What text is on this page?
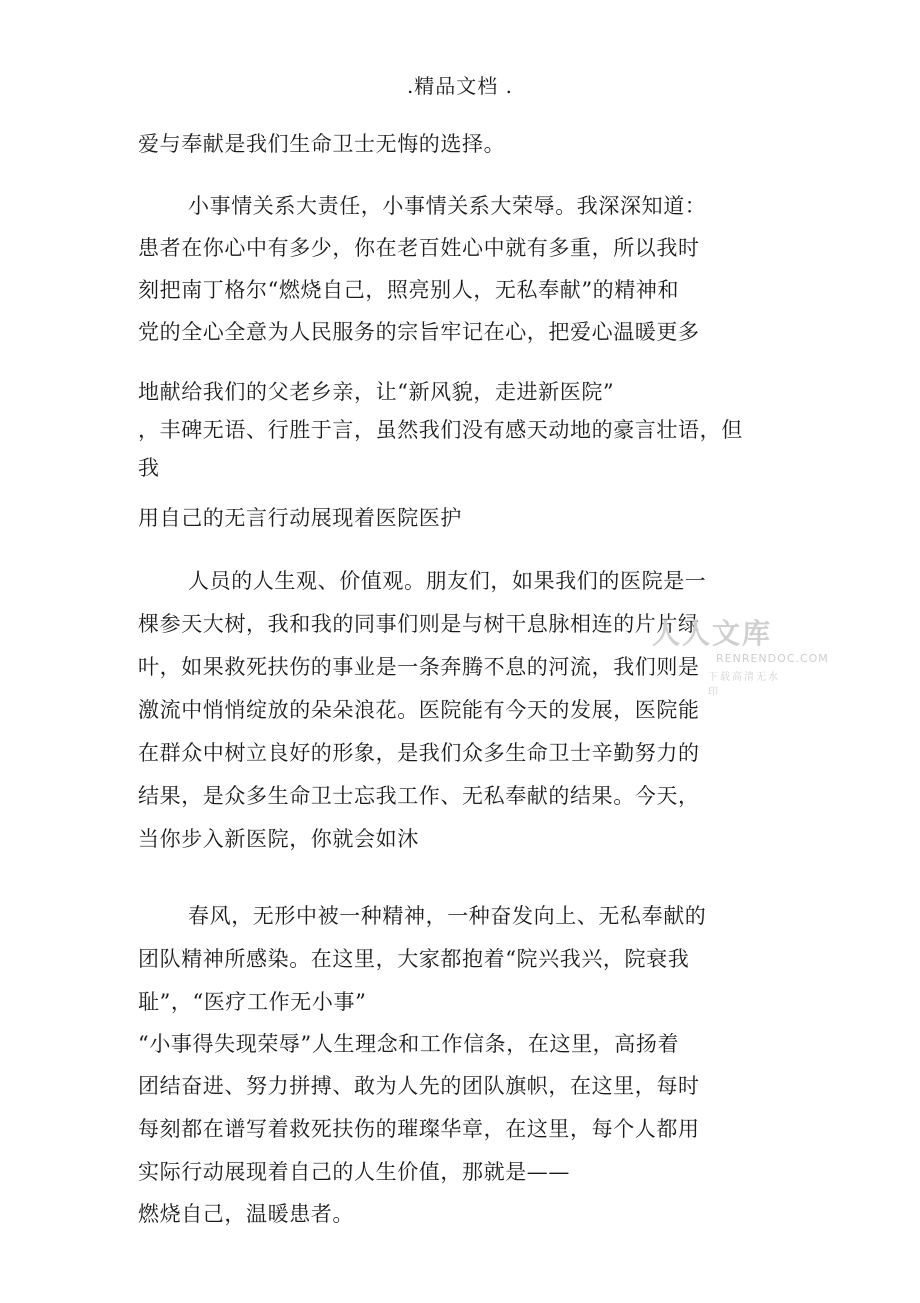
.精品文档 .
爱与奉献是我们生命卫士无悔的选择。
小事情关系大责任，小事情关系大荣辱。我深深知道：
患者在你心中有多少，你在老百姓心中就有多重，所以我时
刻把南丁格尔“燃烧自己，照亮别人，无私奉献”的精神和
党的全心全意为人民服务的宗旨牢记在心，把爱心温暖更多
地献给我们的父老乡亲，让“新风貌，走进新医院”
，丰碑无语、行胜于言，虽然我们没有感天动地的豪言壮语，但
我
用自己的无言行动展现着医院医护
人员的人生观、价值观。朋友们，如果我们的医院是一
棵参天大树，我和我的同事们则是与树干息脉相连的片片绿
叶，如果救死扶伤的事业是一条奔腾不息的河流，我们则是
激流中悄悄绽放的朵朵浪花。医院能有今天的发展，医院能
在群众中树立良好的形象，是我们众多生命卫士辛勤努力的
结果，是众多生命卫士忘我工作、无私奉献的结果。今天，
当你步入新医院，你就会如沐
春风，无形中被一种精神，一种奋发向上、无私奉献的
团队精神所感染。在这里，大家都抱着“院兴我兴，院衰我
耻”，“医疗工作无小事”
“小事得失现荣辱”人生理念和工作信条，在这里，高扬着
团结奋进、努力拼搏、敢为人先的团队旗帜，在这里，每时
每刻都在谱写着救死扶伤的璀璨华章，在这里，每个人都用
实际行动展现着自己的人生价值，那就是——
燃烧自己，温暖患者。
人人文库
RENRENDOC.COM
下载高清无水印
